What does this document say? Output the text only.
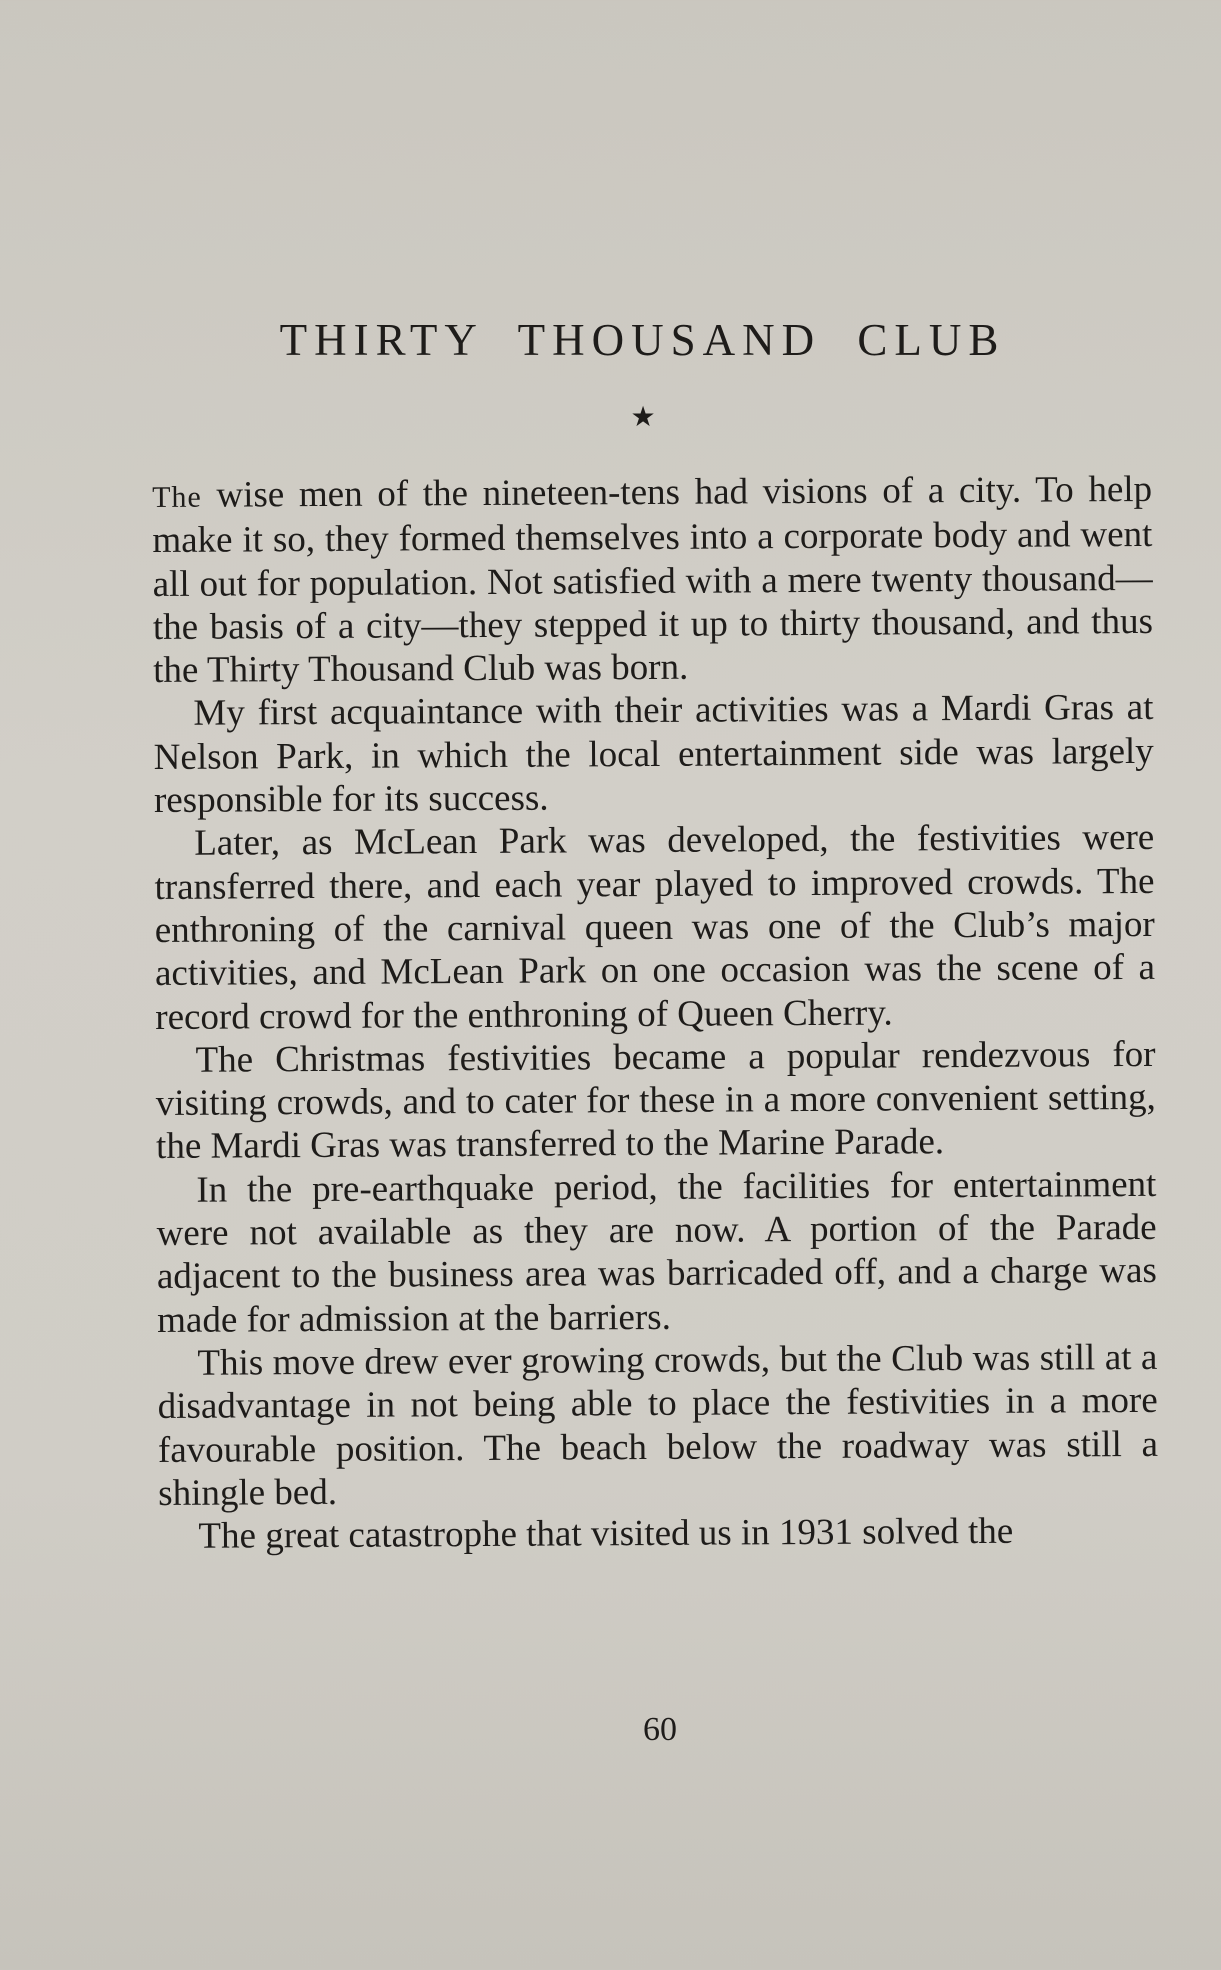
THIRTY THOUSAND CLUB
★

The wise men of the nineteen-tens had visions of a city. To help make it so, they formed themselves into a corporate body and went all out for population. Not satisfied with a mere twenty thousand—the basis of a city—they stepped it up to thirty thousand, and thus the Thirty Thousand Club was born.

My first acquaintance with their activities was a Mardi Gras at Nelson Park, in which the local entertainment side was largely responsible for its success.

Later, as McLean Park was developed, the festivities were transferred there, and each year played to improved crowds. The enthroning of the carnival queen was one of the Club’s major activities, and McLean Park on one occasion was the scene of a record crowd for the enthroning of Queen Cherry.

The Christmas festivities became a popular rendezvous for visiting crowds, and to cater for these in a more convenient setting, the Mardi Gras was transferred to the Marine Parade.

In the pre-earthquake period, the facilities for entertainment were not available as they are now. A portion of the Parade adjacent to the business area was barricaded off, and a charge was made for admission at the barriers.

This move drew ever growing crowds, but the Club was still at a disadvantage in not being able to place the festivities in a more favourable position. The beach below the roadway was still a shingle bed.

The great catastrophe that visited us in 1931 solved the

60
